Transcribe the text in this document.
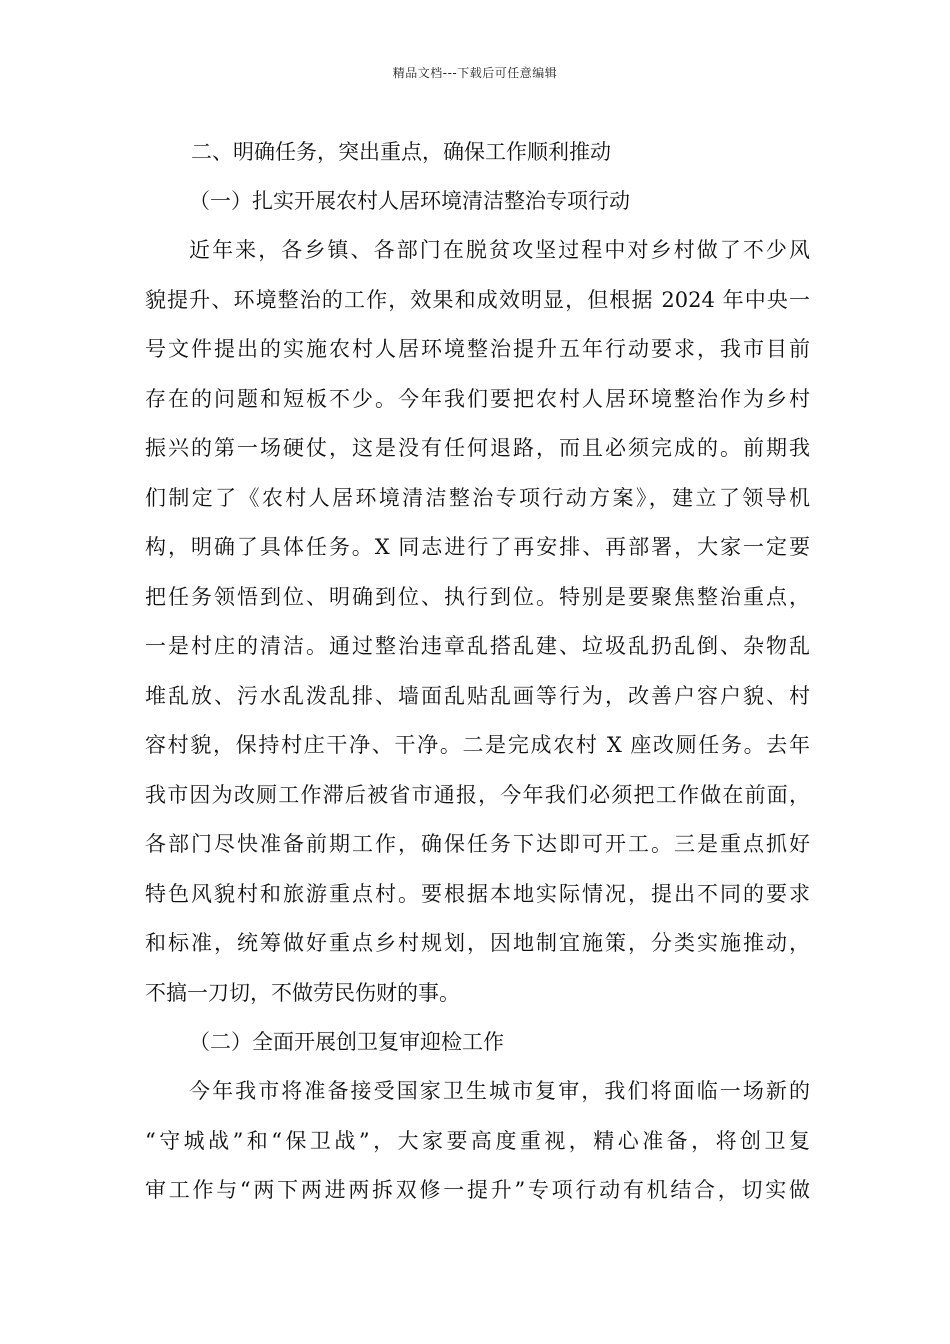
精品文档---下载后可任意编辑
二、明确任务，突出重点，确保工作顺利推动
（一）扎实开展农村人居环境清洁整治专项行动
近年来，各乡镇、各部门在脱贫攻坚过程中对乡村做了不少风
貌提升、环境整治的工作，效果和成效明显，但根据 2024 年中央一
号文件提出的实施农村人居环境整治提升五年行动要求，我市目前
存在的问题和短板不少。今年我们要把农村人居环境整治作为乡村
振兴的第一场硬仗，这是没有任何退路，而且必须完成的。前期我
们制定了《农村人居环境清洁整治专项行动方案》，建立了领导机
构，明确了具体任务。X 同志进行了再安排、再部署，大家一定要
把任务领悟到位、明确到位、执行到位。特别是要聚焦整治重点，
一是村庄的清洁。通过整治违章乱搭乱建、垃圾乱扔乱倒、杂物乱
堆乱放、污水乱泼乱排、墙面乱贴乱画等行为，改善户容户貌、村
容村貌，保持村庄干净、干净。二是完成农村 X 座改厕任务。去年
我市因为改厕工作滞后被省市通报，今年我们必须把工作做在前面，
各部门尽快准备前期工作，确保任务下达即可开工。三是重点抓好
特色风貌村和旅游重点村。要根据本地实际情况，提出不同的要求
和标准，统筹做好重点乡村规划，因地制宜施策，分类实施推动，
不搞一刀切，不做劳民伤财的事。
（二）全面开展创卫复审迎检工作
今年我市将准备接受国家卫生城市复审，我们将面临一场新的
“守城战”和“保卫战”，大家要高度重视，精心准备，将创卫复
审工作与“两下两进两拆双修一提升”专项行动有机结合，切实做
